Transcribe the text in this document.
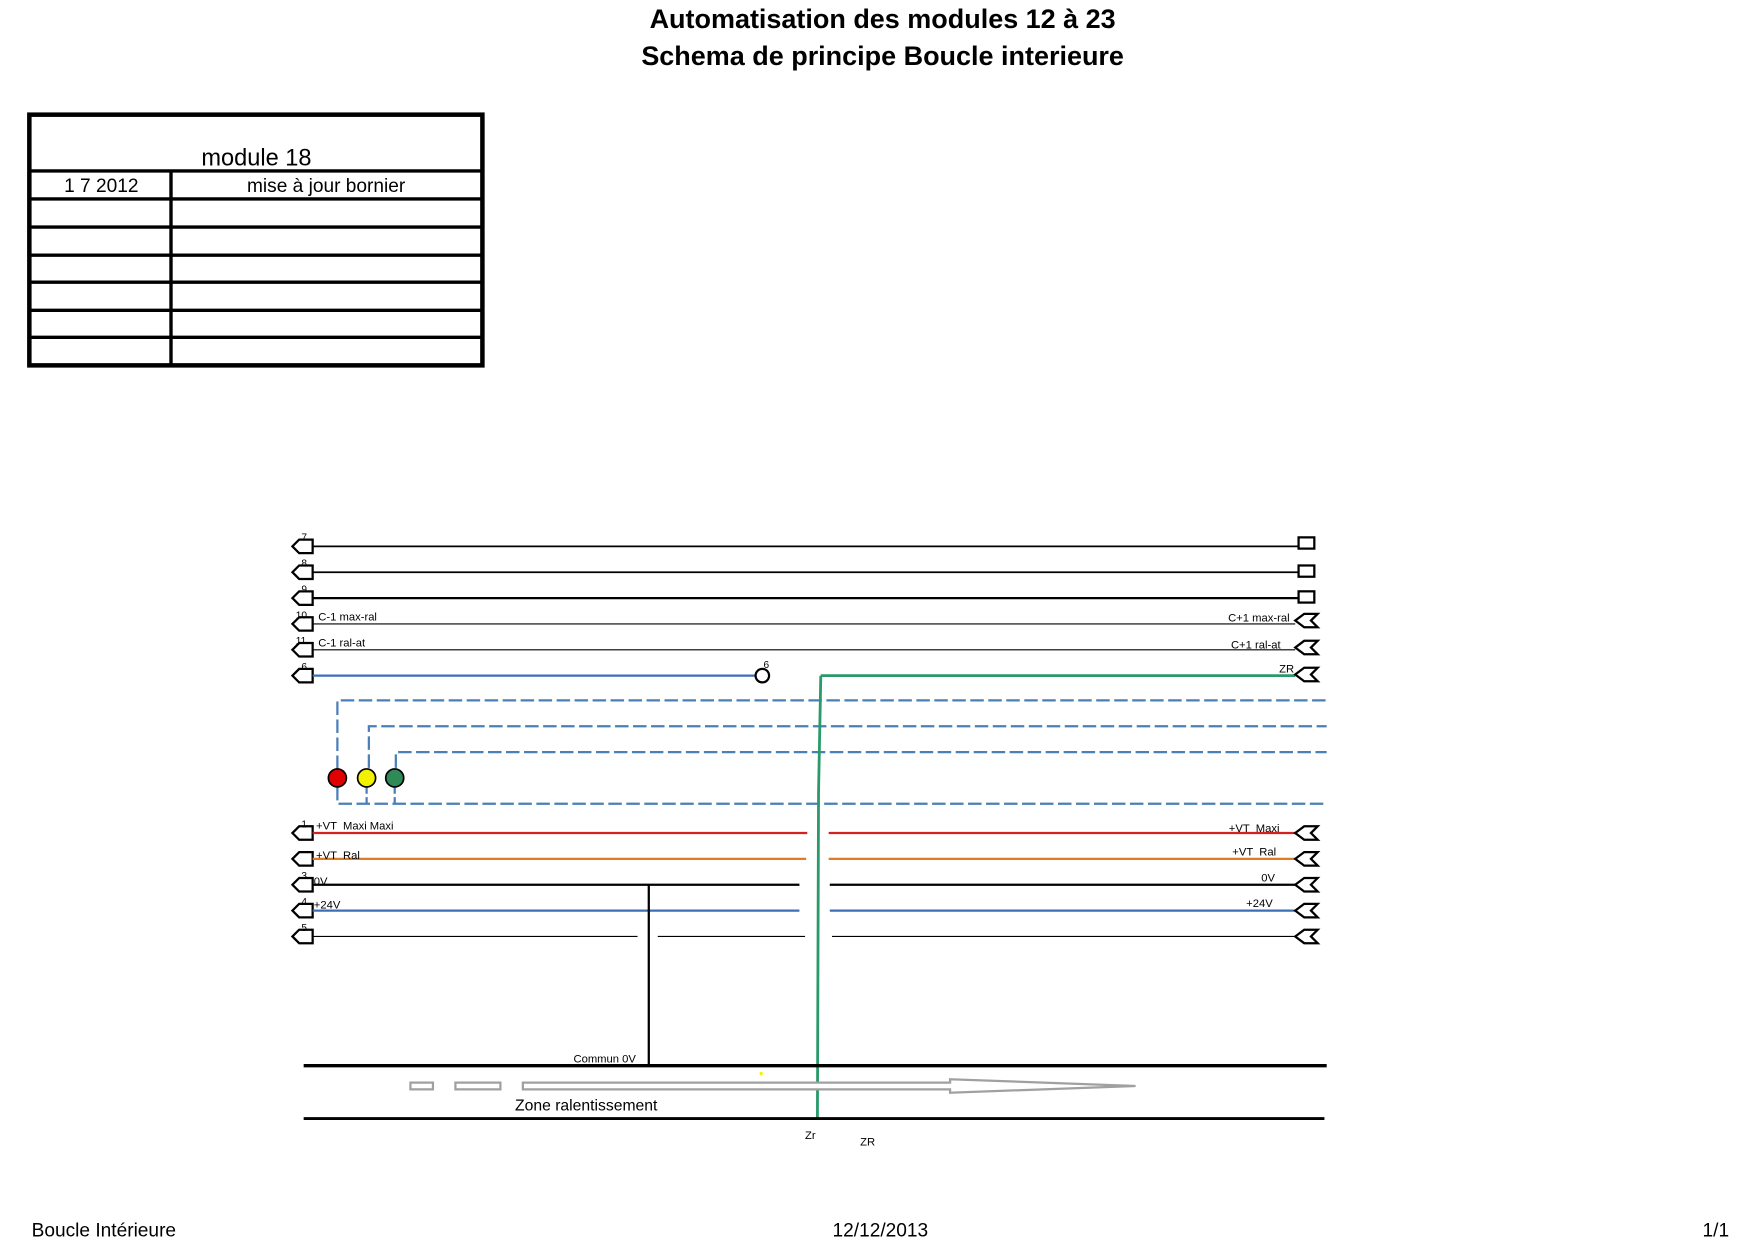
Automatisation des modules 12 à 23
Schema de principe Boucle interieure
module 18
1 7 2012	mise à jour bornier
7
8
9
10 C-1 max-ral	C+1 max-ral
11 C-1 ral-at	C+1 ral-at
6
6	ZR
1 +VT  Maxi Maxi	+VT  Maxi
+VT  Ral	+VT  Ral
3 0V	0V
4 +24V	+24V
5
Commun 0V
Zone ralentissement
Zr
ZR
Boucle Intérieure	12/12/2013	1/1
